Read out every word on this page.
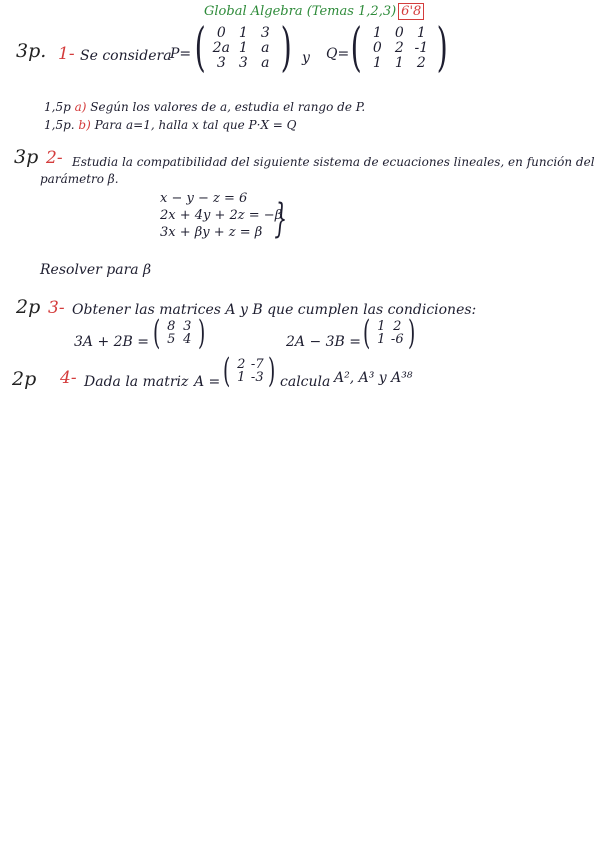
Global Algebra (Temas 1,2,3) 6'8
3p. 1- Se considera
P= ( 0 1 3
2a 1 a
3 3 a ) y Q= ( 1 0 1
0 2 -1
1 1 2 )
1,5p a) Según los valores de a, estudia el rango de P.
1,5p. b) Para a=1, halla x tal que P·X = Q
3p 2- Estudia la compatibilidad del siguiente sistema de ecuaciones lineales, en función del
parámetro β.
x − y − z = 6
2x + 4y + 2z = −β
3x + βy + z = β }
Resolver para β
2p 3- Obtener las matrices A y B que cumplen las condiciones:
3A + 2B = ( 8 3
5 4 )	2A − 3B = ( 1 2
1 -6 )
2p 4- Dada la matriz A = ( 2 -7
1 -3 ) calcula A², A³ y A³⁸
